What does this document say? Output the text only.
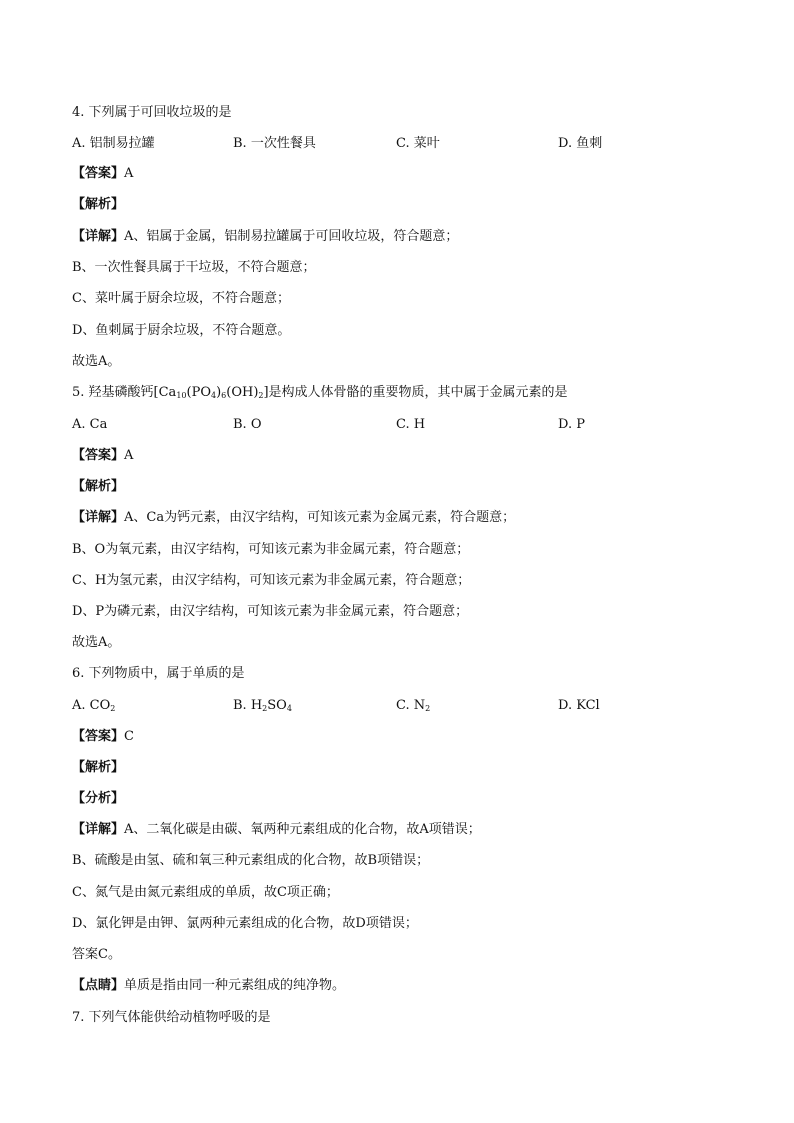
4. 下列属于可回收垃圾的是
A. 铝制易拉罐	B. 一次性餐具	C. 菜叶	D. 鱼刺
【答案】A
【解析】
【详解】A、铝属于金属，铝制易拉罐属于可回收垃圾，符合题意；
B、一次性餐具属于干垃圾，不符合题意；
C、菜叶属于厨余垃圾，不符合题意；
D、鱼刺属于厨余垃圾，不符合题意。
故选A。
5. 羟基磷酸钙$[Ca_{10}(PO_4)_6(OH)_2]$是构成人体骨骼的重要物质，其中属于金属元素的是
A. Ca	B. O	C. H	D. P
【答案】A
【解析】
【详解】A、Ca为钙元素，由汉字结构，可知该元素为金属元素，符合题意；
B、O为氧元素，由汉字结构，可知该元素为非金属元素，符合题意；
C、H为氢元素，由汉字结构，可知该元素为非金属元素，符合题意；
D、P为磷元素，由汉字结构，可知该元素为非金属元素，符合题意；
故选A。
6. 下列物质中，属于单质的是
A. $CO_2$	B. $H_2SO_4$	C. $N_2$	D. KCl
【答案】C
【解析】
【分析】
【详解】A、二氧化碳是由碳、氧两种元素组成的化合物，故A项错误；
B、硫酸是由氢、硫和氧三种元素组成的化合物，故B项错误；
C、氮气是由氮元素组成的单质，故C项正确；
D、氯化钾是由钾、氯两种元素组成的化合物，故D项错误；
答案C。
【点睛】单质是指由同一种元素组成的纯净物。
7. 下列气体能供给动植物呼吸的是
